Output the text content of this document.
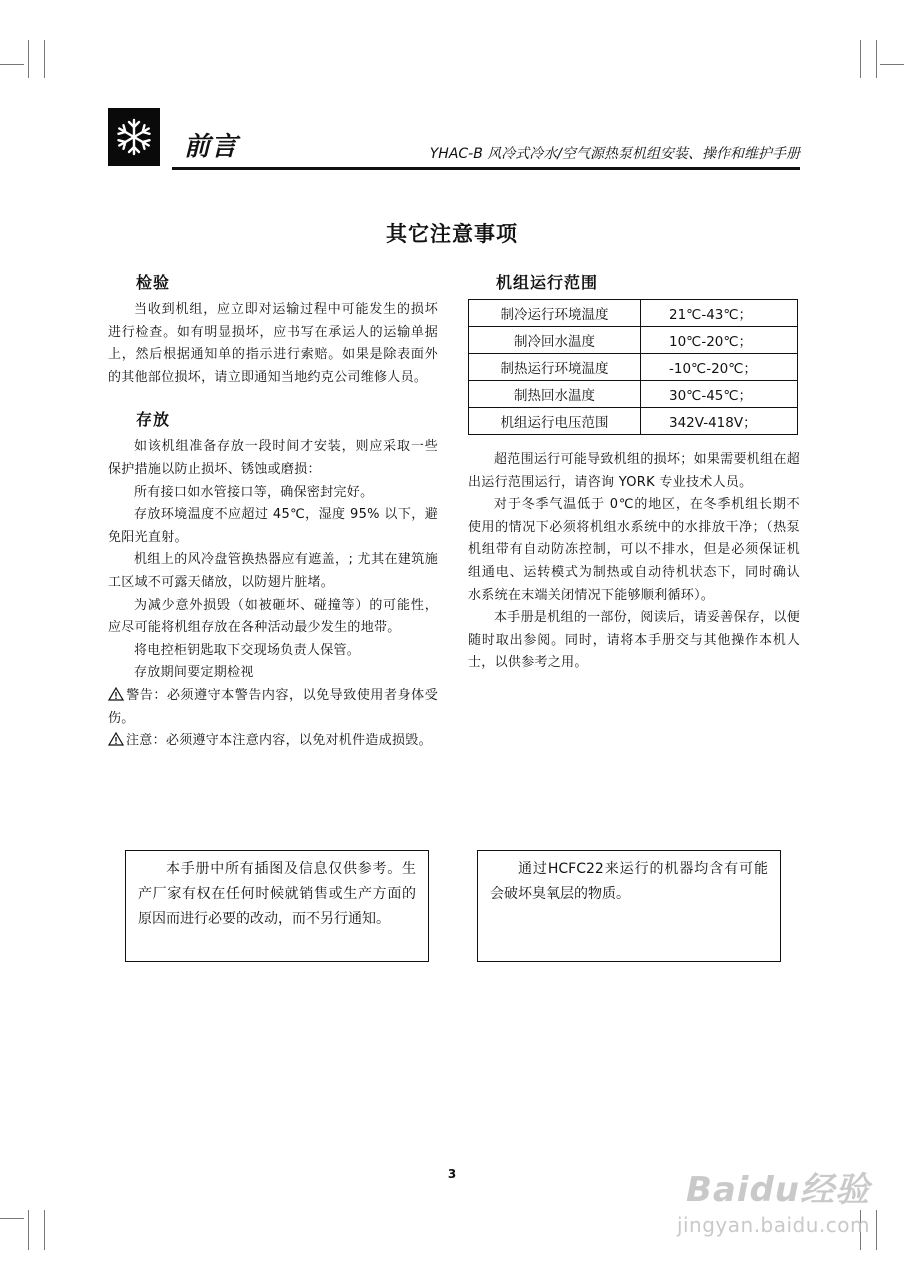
前言	YHAC-B 风冷式冷水/空气源热泵机组安装、操作和维护手册
其它注意事项
检验

当收到机组，应立即对运输过程中可能发生的损坏进行检查。如有明显损坏，应书写在承运人的运输单据上，然后根据通知单的指示进行索赔。如果是除表面外的其他部位损坏，请立即通知当地约克公司维修人员。

存放

如该机组准备存放一段时间才安装，则应采取一些保护措施以防止损坏、锈蚀或磨损：

所有接口如水管接口等，确保密封完好。

存放环境温度不应超过 45℃，湿度 95% 以下，避免阳光直射。

机组上的风冷盘管换热器应有遮盖，; 尤其在建筑施工区域不可露天储放，以防翅片脏堵。

为减少意外损毁（如被砸坏、碰撞等）的可能性，应尽可能将机组存放在各种活动最少发生的地带。

将电控柜钥匙取下交现场负责人保管。

存放期间要定期检视

警告：必须遵守本警告内容，以免导致使用者身体受伤。

注意：必须遵守本注意内容，以免对机件造成损毁。

机组运行范围
制冷运行环境温度	21℃-43℃；
制冷回水温度	10℃-20℃；
制热运行环境温度	-10℃-20℃；
制热回水温度	30℃-45℃；
机组运行电压范围	342V-418V；

超范围运行可能导致机组的损坏；如果需要机组在超出运行范围运行，请咨询 YORK 专业技术人员。

对于冬季气温低于 0℃的地区，在冬季机组长期不使用的情况下必须将机组水系统中的水排放干净；（热泵机组带有自动防冻控制，可以不排水，但是必须保证机组通电、运转模式为制热或自动待机状态下，同时确认水系统在末端关闭情况下能够顺利循环）。

本手册是机组的一部份，阅读后，请妥善保存，以便随时取出参阅。同时，请将本手册交与其他操作本机人士，以供参考之用。

本手册中所有插图及信息仅供参考。生产厂家有权在任何时候就销售或生产方面的原因而进行必要的改动，而不另行通知。

通过HCFC22来运行的机器均含有可能会破坏臭氧层的物质。

3	Baidu经验
jingyan.baidu.com
